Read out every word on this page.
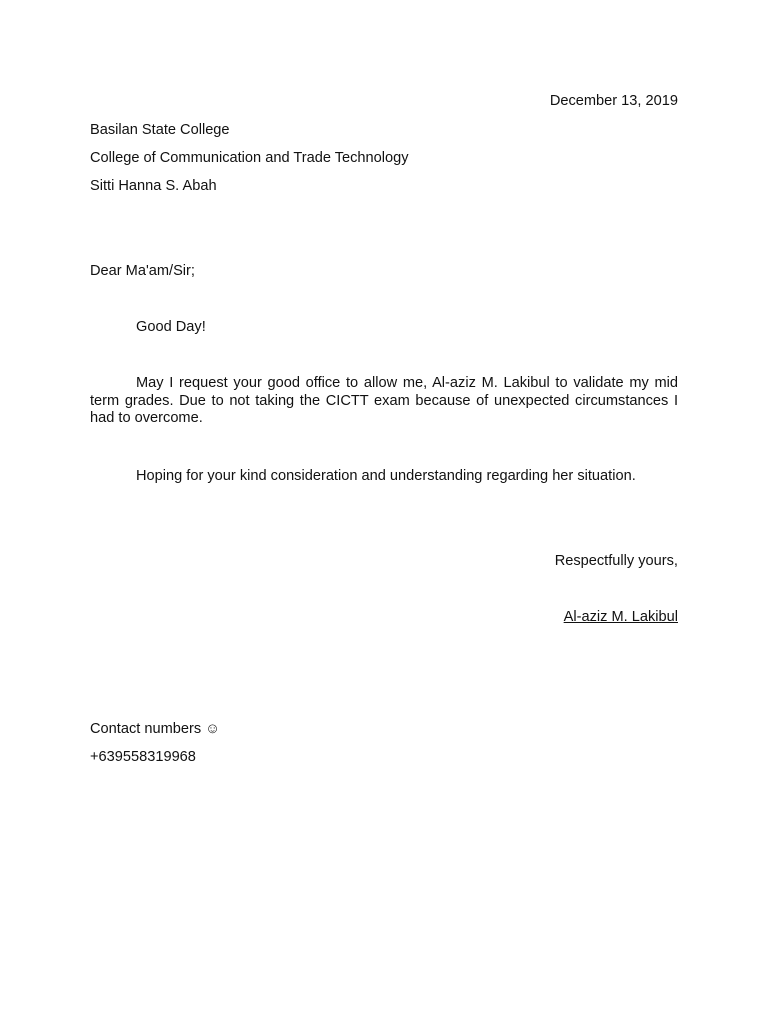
December 13, 2019
Basilan State College
College of Communication and Trade Technology
Sitti Hanna S. Abah
Dear Ma'am/Sir;
Good Day!
May I request your good office to allow me, Al-aziz M. Lakibul to validate my mid term grades. Due to not taking the CICTT exam because of unexpected circumstances I had to overcome.
Hoping for your kind consideration and understanding regarding her situation.
Respectfully yours,
Al-aziz M. Lakibul
Contact numbers ☺
+639558319968
